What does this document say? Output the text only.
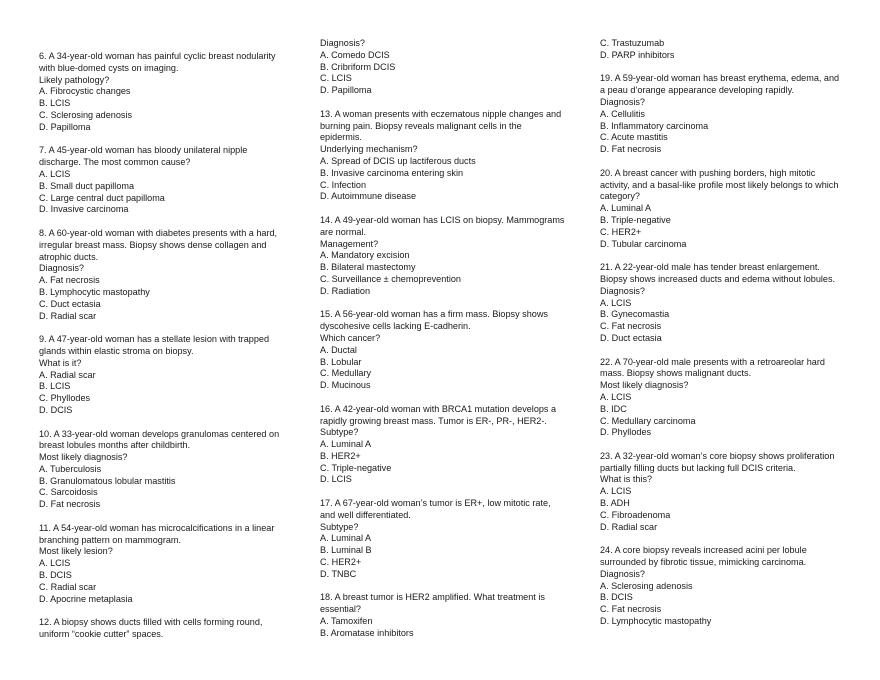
6. A 34-year-old woman has painful cyclic breast nodularity
with blue-domed cysts on imaging.
Likely pathology?
A. Fibrocystic changes
B. LCIS
C. Sclerosing adenosis
D. Papilloma
7. A 45-year-old woman has bloody unilateral nipple
discharge. The most common cause?
A. LCIS
B. Small duct papilloma
C. Large central duct papilloma
D. Invasive carcinoma
8. A 60-year-old woman with diabetes presents with a hard,
irregular breast mass. Biopsy shows dense collagen and
atrophic ducts.
Diagnosis?
A. Fat necrosis
B. Lymphocytic mastopathy
C. Duct ectasia
D. Radial scar
9. A 47-year-old woman has a stellate lesion with trapped
glands within elastic stroma on biopsy.
What is it?
A. Radial scar
B. LCIS
C. Phyllodes
D. DCIS
10. A 33-year-old woman develops granulomas centered on
breast lobules months after childbirth.
Most likely diagnosis?
A. Tuberculosis
B. Granulomatous lobular mastitis
C. Sarcoidosis
D. Fat necrosis
11. A 54-year-old woman has microcalcifications in a linear
branching pattern on mammogram.
Most likely lesion?
A. LCIS
B. DCIS
C. Radial scar
D. Apocrine metaplasia
12. A biopsy shows ducts filled with cells forming round,
uniform “cookie cutter” spaces.
Diagnosis?
A. Comedo DCIS
B. Cribriform DCIS
C. LCIS
D. Papilloma
13. A woman presents with eczematous nipple changes and
burning pain. Biopsy reveals malignant cells in the
epidermis.
Underlying mechanism?
A. Spread of DCIS up lactiferous ducts
B. Invasive carcinoma entering skin
C. Infection
D. Autoimmune disease
14. A 49-year-old woman has LCIS on biopsy. Mammograms
are normal.
Management?
A. Mandatory excision
B. Bilateral mastectomy
C. Surveillance ± chemoprevention
D. Radiation
15. A 56-year-old woman has a firm mass. Biopsy shows
dyscohesive cells lacking E-cadherin.
Which cancer?
A. Ductal
B. Lobular
C. Medullary
D. Mucinous
16. A 42-year-old woman with BRCA1 mutation develops a
rapidly growing breast mass. Tumor is ER-, PR-, HER2-.
Subtype?
A. Luminal A
B. HER2+
C. Triple-negative
D. LCIS
17. A 67-year-old woman’s tumor is ER+, low mitotic rate,
and well differentiated.
Subtype?
A. Luminal A
B. Luminal B
C. HER2+
D. TNBC
18. A breast tumor is HER2 amplified. What treatment is
essential?
A. Tamoxifen
B. Aromatase inhibitors
C. Trastuzumab
D. PARP inhibitors
19. A 59-year-old woman has breast erythema, edema, and
a peau d’orange appearance developing rapidly.
Diagnosis?
A. Cellulitis
B. Inflammatory carcinoma
C. Acute mastitis
D. Fat necrosis
20. A breast cancer with pushing borders, high mitotic
activity, and a basal-like profile most likely belongs to which
category?
A. Luminal A
B. Triple-negative
C. HER2+
D. Tubular carcinoma
21. A 22-year-old male has tender breast enlargement.
Biopsy shows increased ducts and edema without lobules.
Diagnosis?
A. LCIS
B. Gynecomastia
C. Fat necrosis
D. Duct ectasia
22. A 70-year-old male presents with a retroareolar hard
mass. Biopsy shows malignant ducts.
Most likely diagnosis?
A. LCIS
B. IDC
C. Medullary carcinoma
D. Phyllodes
23. A 32-year-old woman’s core biopsy shows proliferation
partially filling ducts but lacking full DCIS criteria.
What is this?
A. LCIS
B. ADH
C. Fibroadenoma
D. Radial scar
24. A core biopsy reveals increased acini per lobule
surrounded by fibrotic tissue, mimicking carcinoma.
Diagnosis?
A. Sclerosing adenosis
B. DCIS
C. Fat necrosis
D. Lymphocytic mastopathy
